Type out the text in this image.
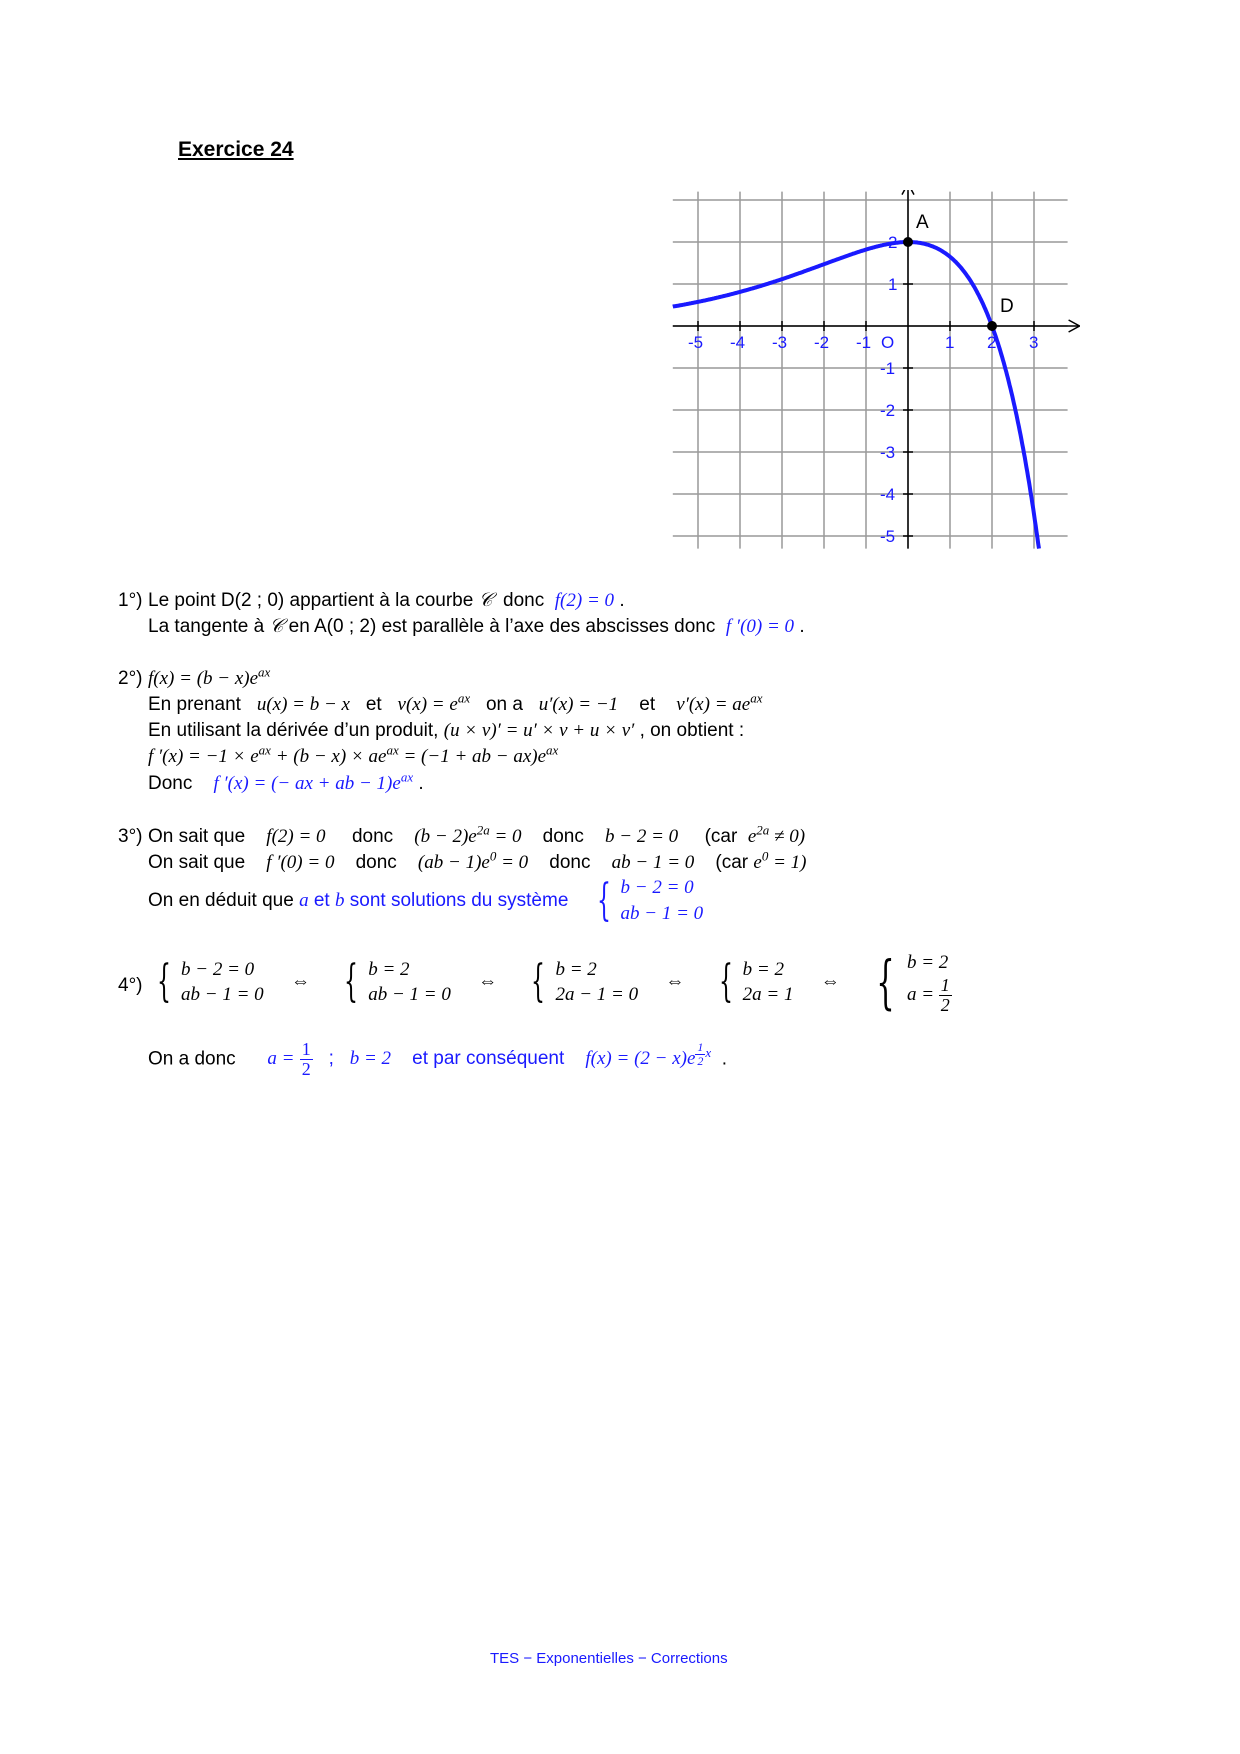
Exercice 24
-5 -4 -3 -2 -1	1 2 3
2
1
-1
-2
-3
-4
-5
A
D
O
1°) Le point D(2 ; 0) appartient à la courbe 𝒞 donc f(2) = 0 .
La tangente à 𝒞 en A(0 ; 2) est parallèle à l’axe des abscisses donc f ′(0) = 0 .
2°) $f(x) = (b - x)e^{ax}$
En prenant u(x) = b − x et $v(x) = e^{ax}$ on a u′(x) = −1 et $v'(x) = ae^{ax}$
En utilisant la dérivée d’un produit, (u × v)′ = u′ × v + u × v′ , on obtient :
f $'(x) = -1 \times e^{ax} + (b - x) \times ae^{ax} = (-1$ + ab − $ax)e^{ax}$
Donc f ′(x) = (− ax + ab − $1)e^{ax}$ .
3°) On sait que f(2) = 0 donc $(b - 2)e^{2a} = 0$ donc b − 2 = 0 (car $e^{2a} \ne 0$)
On sait que f ′(0) = 0 donc $(ab - 1)e^0 = 0$ donc ab − 1 = 0 (car $e^0 = 1$)
On en déduit que a et b sont solutions du système { b − 2 = 0
ab − 1 = 0
4°) { b − 2 = 0
ab − 1 = 0
⇔ { b = 2
ab − 1 = 0
⇔ { b = 2
2a − 1 = 0
⇔ { b = 2
2a = 1
⇔ { b = 2
$a = \frac{1}{2}$
On a donc $a = \frac{1}{2}$ ; b = 2 et par conséquent f(x) = (2 − x)e $^{\frac{1}{2} x}$ .
TES − Exponentielles − Corrections
